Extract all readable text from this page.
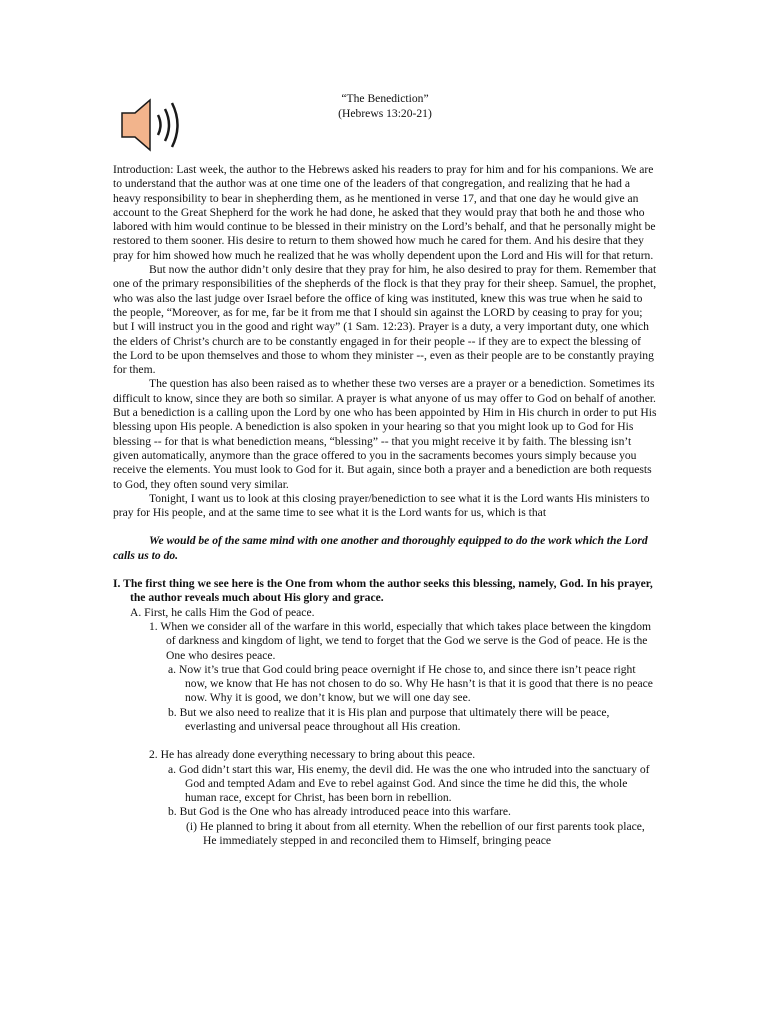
“The Benediction”
(Hebrews 13:20-21)

Introduction: Last week, the author to the Hebrews asked his readers to pray for him and for his companions. We are to understand that the author was at one time one of the leaders of that congregation, and realizing that he had a heavy responsibility to bear in shepherding them, as he mentioned in verse 17, and that one day he would give an account to the Great Shepherd for the work he had done, he asked that they would pray that both he and those who labored with him would continue to be blessed in their ministry on the Lord’s behalf, and that he personally might be restored to them sooner. His desire to return to them showed how much he cared for them. And his desire that they pray for him showed how much he realized that he was wholly dependent upon the Lord and His will for that return.

But now the author didn’t only desire that they pray for him, he also desired to pray for them. Remember that one of the primary responsibilities of the shepherds of the flock is that they pray for their sheep. Samuel, the prophet, who was also the last judge over Israel before the office of king was instituted, knew this was true when he said to the people, “Moreover, as for me, far be it from me that I should sin against the LORD by ceasing to pray for you; but I will instruct you in the good and right way” (1 Sam. 12:23). Prayer is a duty, a very important duty, one which the elders of Christ’s church are to be constantly engaged in for their people -- if they are to expect the blessing of the Lord to be upon themselves and those to whom they minister --, even as their people are to be constantly praying for them.

The question has also been raised as to whether these two verses are a prayer or a benediction. Sometimes its difficult to know, since they are both so similar. A prayer is what anyone of us may offer to God on behalf of another. But a benediction is a calling upon the Lord by one who has been appointed by Him in His church in order to put His blessing upon His people. A benediction is also spoken in your hearing so that you might look up to God for His blessing -- for that is what benediction means, “blessing” -- that you might receive it by faith. The blessing isn’t given automatically, anymore than the grace offered to you in the sacraments becomes yours simply because you receive the elements. You must look to God for it. But again, since both a prayer and a benediction are both requests to God, they often sound very similar.

Tonight, I want us to look at this closing prayer/benediction to see what it is the Lord wants His ministers to pray for His people, and at the same time to see what it is the Lord wants for us, which is that

We would be of the same mind with one another and thoroughly equipped to do the work which the Lord calls us to do.

I. The first thing we see here is the One from whom the author seeks this blessing, namely, God. In his prayer, the author reveals much about His glory and grace.

A. First, he calls Him the God of peace.

1. When we consider all of the warfare in this world, especially that which takes place between the kingdom of darkness and kingdom of light, we tend to forget that the God we serve is the God of peace. He is the One who desires peace.

a. Now it’s true that God could bring peace overnight if He chose to, and since there isn’t peace right now, we know that He has not chosen to do so. Why He hasn’t is that it is good that there is no peace now. Why it is good, we don’t know, but we will one day see.

b. But we also need to realize that it is His plan and purpose that ultimately there will be peace, everlasting and universal peace throughout all His creation.

2. He has already done everything necessary to bring about this peace.

a. God didn’t start this war, His enemy, the devil did. He was the one who intruded into the sanctuary of God and tempted Adam and Eve to rebel against God. And since the time he did this, the whole human race, except for Christ, has been born in rebellion.

b. But God is the One who has already introduced peace into this warfare.

(i) He planned to bring it about from all eternity. When the rebellion of our first parents took place, He immediately stepped in and reconciled them to Himself, bringing peace
